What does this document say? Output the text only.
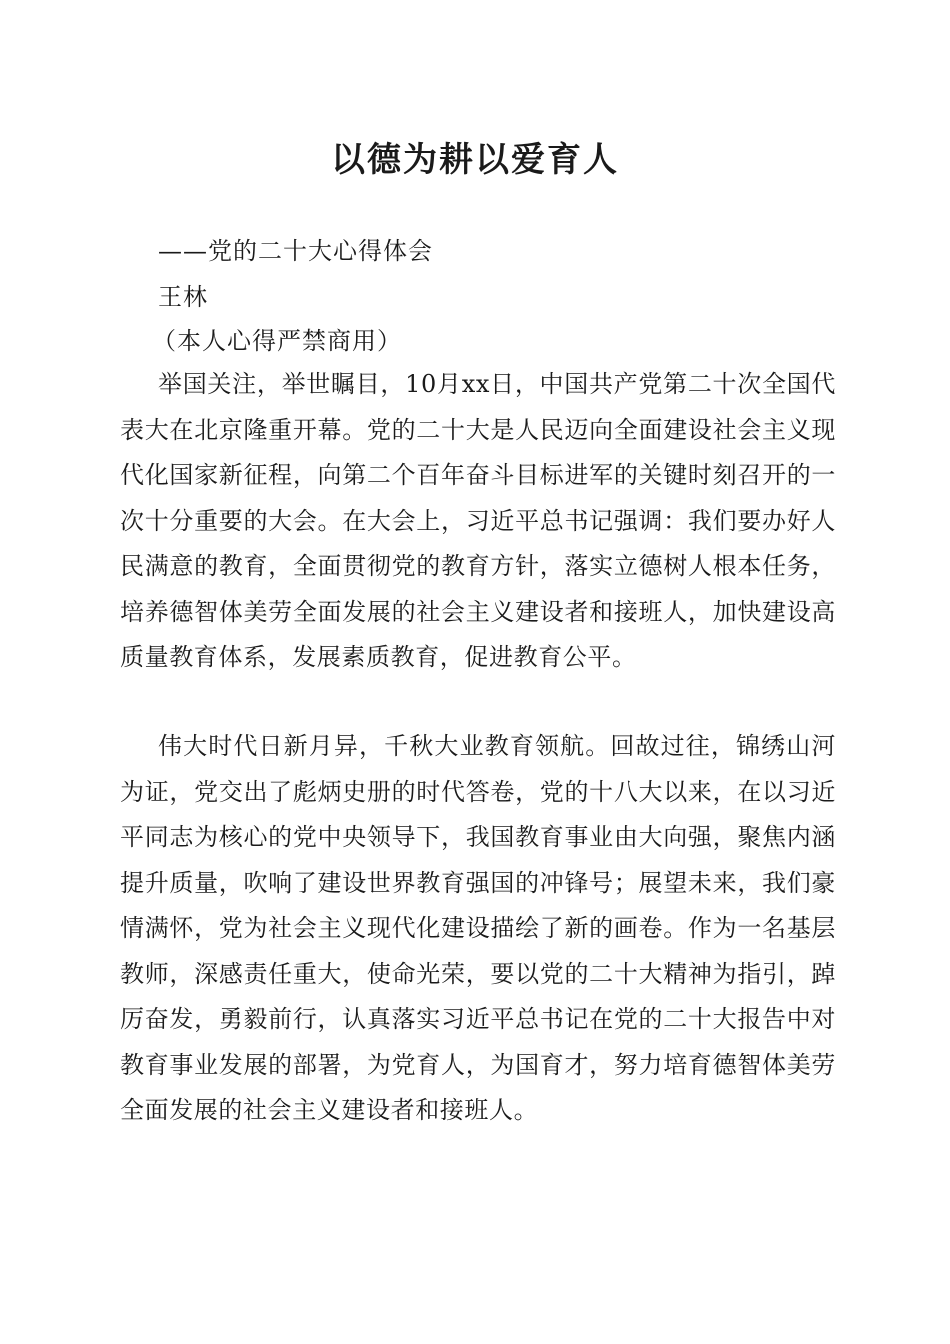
以德为耕以爱育人

——党的二十大心得体会

王林

（本人心得严禁商用）

举国关注，举世瞩目，10月xx日，中国共产党第二十次全国代表大在北京隆重开幕。党的二十大是人民迈向全面建设社会主义现代化国家新征程，向第二个百年奋斗目标进军的关键时刻召开的一次十分重要的大会。在大会上，习近平总书记强调：我们要办好人民满意的教育，全面贯彻党的教育方针，落实立德树人根本任务，培养德智体美劳全面发展的社会主义建设者和接班人，加快建设高质量教育体系，发展素质教育，促进教育公平。

伟大时代日新月异，千秋大业教育领航。回故过往，锦绣山河为证，党交出了彪炳史册的时代答卷，党的十八大以来，在以习近平同志为核心的党中央领导下，我国教育事业由大向强，聚焦内涵提升质量，吹响了建设世界教育强国的冲锋号；展望未来，我们豪情满怀，党为社会主义现代化建设描绘了新的画卷。作为一名基层教师，深感责任重大，使命光荣，要以党的二十大精神为指引，踔厉奋发，勇毅前行，认真落实习近平总书记在党的二十大报告中对教育事业发展的部署，为党育人，为国育才，努力培育德智体美劳全面发展的社会主义建设者和接班人。
